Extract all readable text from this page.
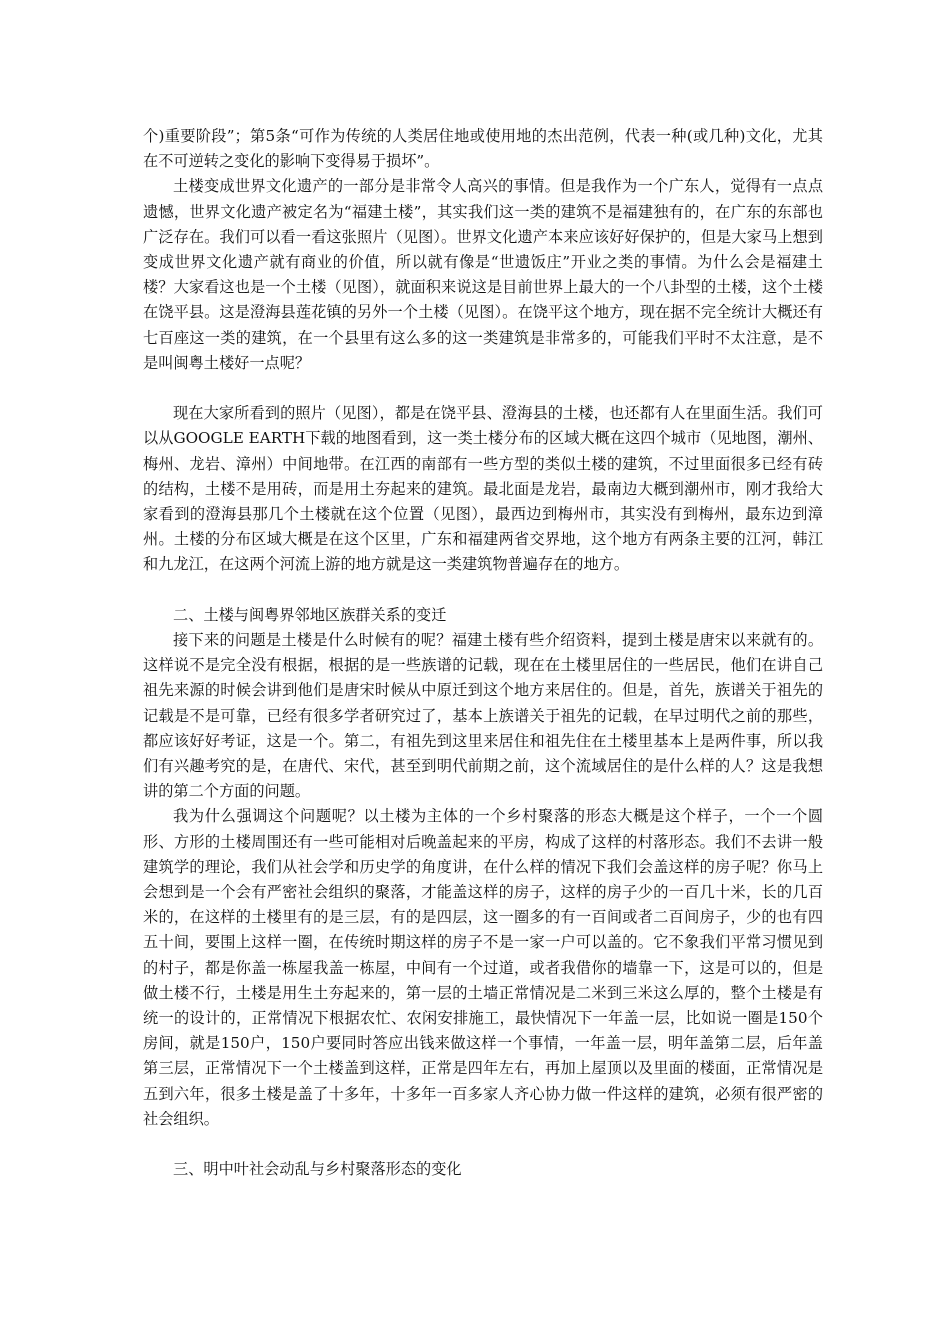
个)重要阶段”；第5条“可作为传统的人类居住地或使用地的杰出范例，代表一种(或几种)文化，尤其在不可逆转之变化的影响下变得易于损坏”。

土楼变成世界文化遗产的一部分是非常令人高兴的事情。但是我作为一个广东人，觉得有一点点遗憾，世界文化遗产被定名为“福建土楼”，其实我们这一类的建筑不是福建独有的，在广东的东部也广泛存在。我们可以看一看这张照片（见图）。世界文化遗产本来应该好好保护的，但是大家马上想到变成世界文化遗产就有商业的价值，所以就有像是“世遗饭庄”开业之类的事情。为什么会是福建土楼？大家看这也是一个土楼（见图），就面积来说这是目前世界上最大的一个八卦型的土楼，这个土楼在饶平县。这是澄海县莲花镇的另外一个土楼（见图）。在饶平这个地方，现在据不完全统计大概还有七百座这一类的建筑，在一个县里有这么多的这一类建筑是非常多的，可能我们平时不太注意，是不是叫闽粤土楼好一点呢？

现在大家所看到的照片（见图），都是在饶平县、澄海县的土楼，也还都有人在里面生活。我们可以从GOOGLE EARTH下载的地图看到，这一类土楼分布的区域大概在这四个城市（见地图，潮州、梅州、龙岩、漳州）中间地带。在江西的南部有一些方型的类似土楼的建筑，不过里面很多已经有砖的结构，土楼不是用砖，而是用土夯起来的建筑。最北面是龙岩，最南边大概到潮州市，刚才我给大家看到的澄海县那几个土楼就在这个位置（见图），最西边到梅州市，其实没有到梅州，最东边到漳州。土楼的分布区域大概是在这个区里，广东和福建两省交界地，这个地方有两条主要的江河，韩江和九龙江，在这两个河流上游的地方就是这一类建筑物普遍存在的地方。

二、土楼与闽粤界邻地区族群关系的变迁

接下来的问题是土楼是什么时候有的呢？福建土楼有些介绍资料，提到土楼是唐宋以来就有的。这样说不是完全没有根据，根据的是一些族谱的记载，现在在土楼里居住的一些居民，他们在讲自己祖先来源的时候会讲到他们是唐宋时候从中原迁到这个地方来居住的。但是，首先，族谱关于祖先的记载是不是可靠，已经有很多学者研究过了，基本上族谱关于祖先的记载，在早过明代之前的那些，都应该好好考证，这是一个。第二，有祖先到这里来居住和祖先住在土楼里基本上是两件事，所以我们有兴趣考究的是，在唐代、宋代，甚至到明代前期之前，这个流域居住的是什么样的人？这是我想讲的第二个方面的问题。

我为什么强调这个问题呢？以土楼为主体的一个乡村聚落的形态大概是这个样子，一个一个圆形、方形的土楼周围还有一些可能相对后晚盖起来的平房，构成了这样的村落形态。我们不去讲一般建筑学的理论，我们从社会学和历史学的角度讲，在什么样的情况下我们会盖这样的房子呢？你马上会想到是一个会有严密社会组织的聚落，才能盖这样的房子，这样的房子少的一百几十米，长的几百米的，在这样的土楼里有的是三层，有的是四层，这一圈多的有一百间或者二百间房子，少的也有四五十间，要围上这样一圈，在传统时期这样的房子不是一家一户可以盖的。它不象我们平常习惯见到的村子，都是你盖一栋屋我盖一栋屋，中间有一个过道，或者我借你的墙靠一下，这是可以的，但是做土楼不行，土楼是用生土夯起来的，第一层的土墙正常情况是二米到三米这么厚的，整个土楼是有统一的设计的，正常情况下根据农忙、农闲安排施工，最快情况下一年盖一层，比如说一圈是150个房间，就是150户，150户要同时答应出钱来做这样一个事情，一年盖一层，明年盖第二层，后年盖第三层，正常情况下一个土楼盖到这样，正常是四年左右，再加上屋顶以及里面的楼面，正常情况是五到六年，很多土楼是盖了十多年，十多年一百多家人齐心协力做一件这样的建筑，必须有很严密的社会组织。

三、明中叶社会动乱与乡村聚落形态的变化
